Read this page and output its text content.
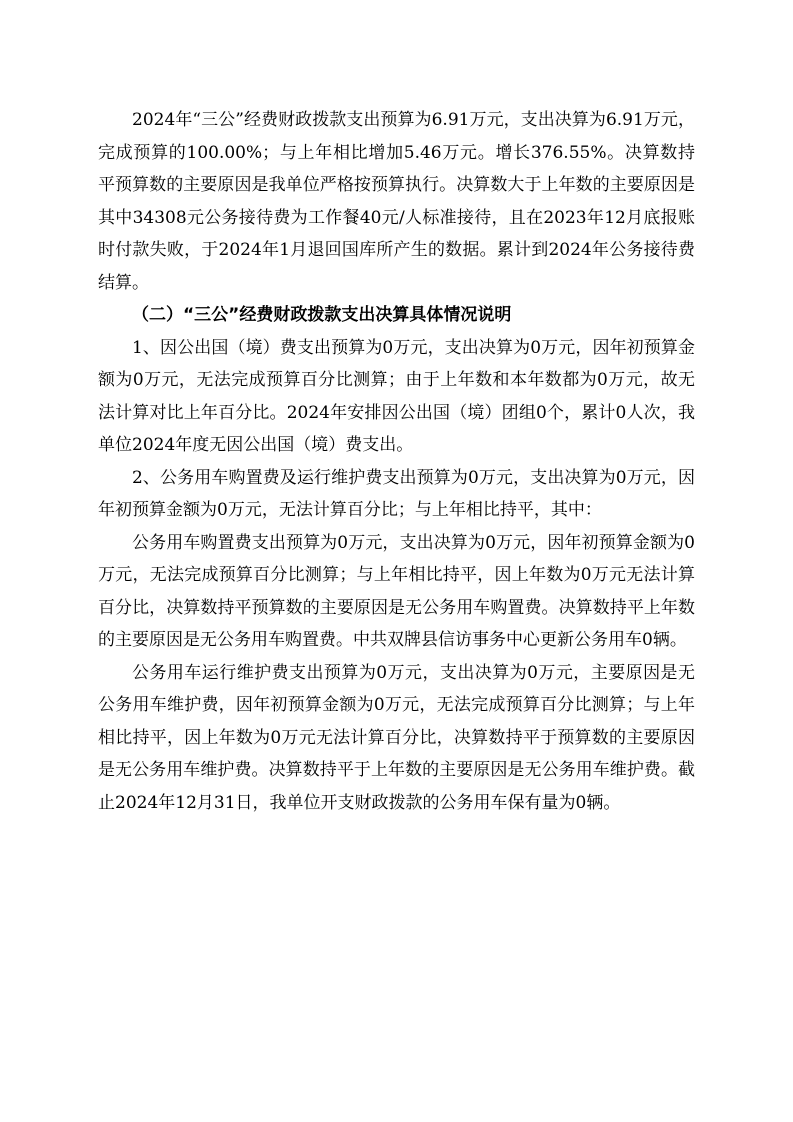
2024年“三公”经费财政拨款支出预算为6.91万元，支出决算为6.91万元，完成预算的100.00%；与上年相比增加5.46万元。增长376.55%。决算数持平预算数的主要原因是我单位严格按预算执行。决算数大于上年数的主要原因是其中34308元公务接待费为工作餐40元/人标准接待，且在2023年12月底报账时付款失败，于2024年1月退回国库所产生的数据。累计到2024年公务接待费结算。

（二）“三公”经费财政拨款支出决算具体情况说明

1、因公出国（境）费支出预算为0万元，支出决算为0万元，因年初预算金额为0万元，无法完成预算百分比测算；由于上年数和本年数都为0万元，故无法计算对比上年百分比。2024年安排因公出国（境）团组0个，累计0人次，我单位2024年度无因公出国（境）费支出。

2、公务用车购置费及运行维护费支出预算为0万元，支出决算为0万元，因年初预算金额为0万元，无法计算百分比；与上年相比持平，其中：

公务用车购置费支出预算为0万元，支出决算为0万元，因年初预算金额为0万元，无法完成预算百分比测算；与上年相比持平，因上年数为0万元无法计算百分比，决算数持平预算数的主要原因是无公务用车购置费。决算数持平上年数的主要原因是无公务用车购置费。中共双牌县信访事务中心更新公务用车0辆。

公务用车运行维护费支出预算为0万元，支出决算为0万元，主要原因是无公务用车维护费，因年初预算金额为0万元，无法完成预算百分比测算；与上年相比持平，因上年数为0万元无法计算百分比，决算数持平于预算数的主要原因是无公务用车维护费。决算数持平于上年数的主要原因是无公务用车维护费。截止2024年12月31日，我单位开支财政拨款的公务用车保有量为0辆。
